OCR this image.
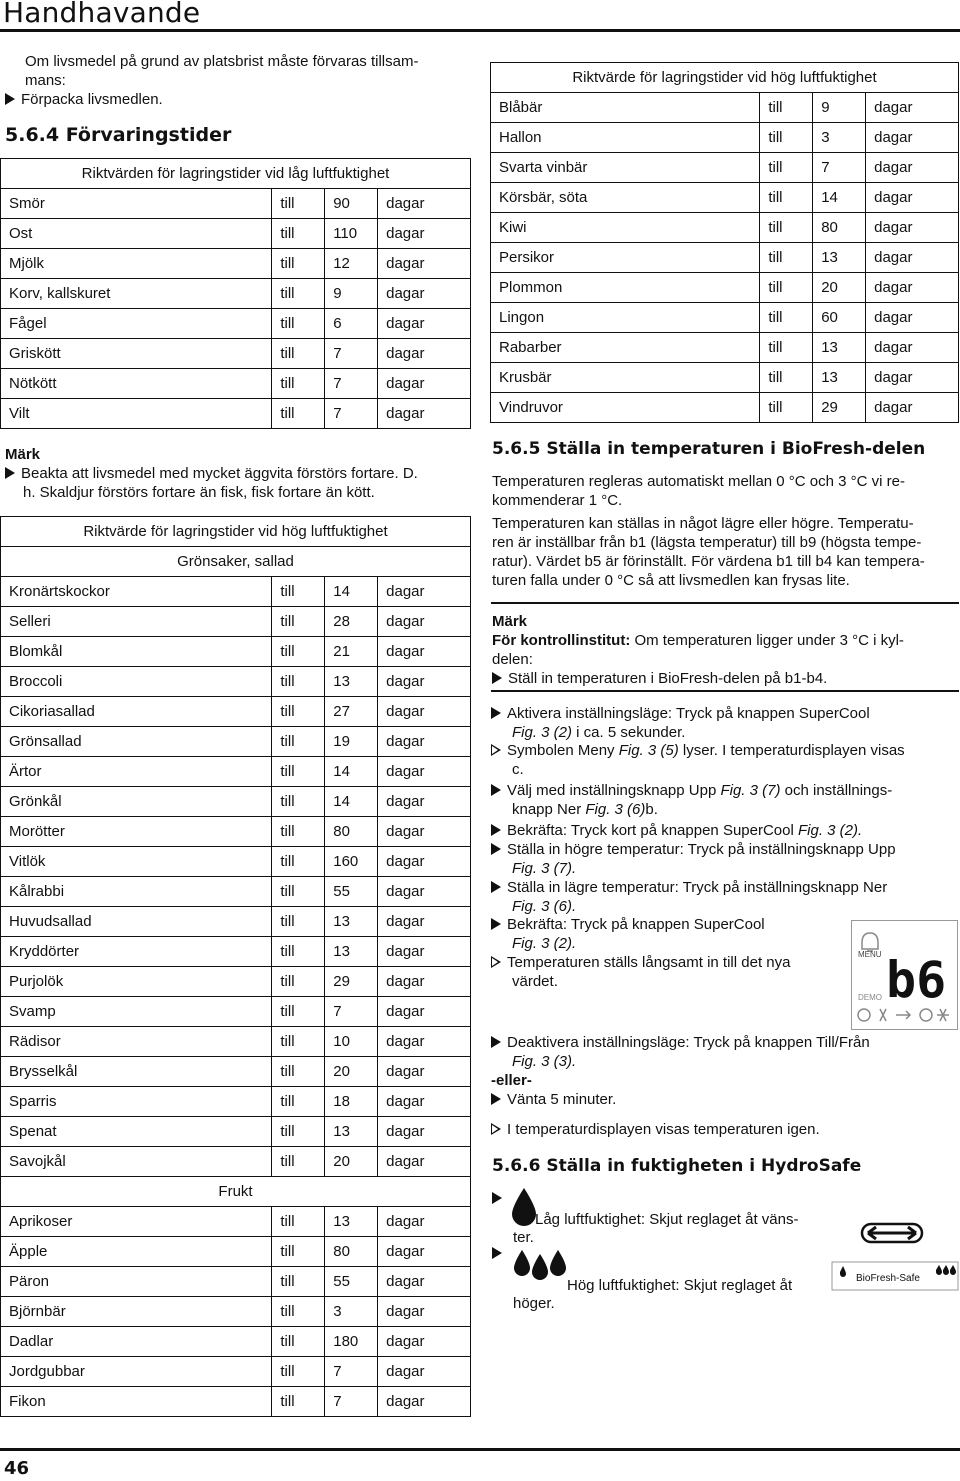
Handhavande
Om livsmedel på grund av platsbrist måste förvaras tillsam-
mans:
Förpacka livsmedlen.
5.6.4 Förvaringstider
Riktvärden för lagringstider vid låg luftfuktighet			
Smör	till	90	dagar
Ost	till	110	dagar
Mjölk	till	12	dagar
Korv, kallskuret	till	9	dagar
Fågel	till	6	dagar
Griskött	till	7	dagar
Nötkött	till	7	dagar
Vilt	till	7	dagar
Märk
Beakta att livsmedel med mycket äggvita förstörs fortare. D.
h. Skaldjur förstörs fortare än fisk, fisk fortare än kött.
Riktvärde för lagringstider vid hög luftfuktighet			
Grönsaker, sallad			
Kronärtskockor	till	14	dagar
Selleri	till	28	dagar
Blomkål	till	21	dagar
Broccoli	till	13	dagar
Cikoriasallad	till	27	dagar
Grönsallad	till	19	dagar
Ärtor	till	14	dagar
Grönkål	till	14	dagar
Morötter	till	80	dagar
Vitlök	till	160	dagar
Kålrabbi	till	55	dagar
Huvudsallad	till	13	dagar
Kryddörter	till	13	dagar
Purjolök	till	29	dagar
Svamp	till	7	dagar
Rädisor	till	10	dagar
Brysselkål	till	20	dagar
Sparris	till	18	dagar
Spenat	till	13	dagar
Savojkål	till	20	dagar
Frukt			
Aprikoser	till	13	dagar
Äpple	till	80	dagar
Päron	till	55	dagar
Björnbär	till	3	dagar
Dadlar	till	180	dagar
Jordgubbar	till	7	dagar
Fikon	till	7	dagar
Riktvärde för lagringstider vid hög luftfuktighet			
Blåbär	till	9	dagar
Hallon	till	3	dagar
Svarta vinbär	till	7	dagar
Körsbär, söta	till	14	dagar
Kiwi	till	80	dagar
Persikor	till	13	dagar
Plommon	till	20	dagar
Lingon	till	60	dagar
Rabarber	till	13	dagar
Krusbär	till	13	dagar
Vindruvor	till	29	dagar
5.6.5 Ställa in temperaturen i BioFresh-delen
Temperaturen regleras automatiskt mellan 0 °C och 3 °C vi re-
kommenderar 1 °C.
Temperaturen kan ställas in något lägre eller högre. Temperatu-
ren är inställbar från b1 (lägsta temperatur) till b9 (högsta tempe-
ratur). Värdet b5 är förinställt. För värdena b1 till b4 kan tempera-
turen falla under 0 °C så att livsmedlen kan frysas lite.
Märk
För kontrollinstitut: Om temperaturen ligger under 3 °C i kyl-
delen:
Ställ in temperaturen i BioFresh-delen på b1-b4.
Aktivera inställningsläge: Tryck på knappen SuperCool
Fig. 3 (2) i ca. 5 sekunder.
Symbolen Meny Fig. 3 (5) lyser. I temperaturdisplayen visas
c.
Välj med inställningsknapp Upp Fig. 3 (7) och inställnings-
knapp Ner Fig. 3 (6)b.
Bekräfta: Tryck kort på knappen SuperCool Fig. 3 (2).
Ställa in högre temperatur: Tryck på inställningsknapp Upp
Fig. 3 (7).
Ställa in lägre temperatur: Tryck på inställningsknapp Ner
Fig. 3 (6).
Bekräfta: Tryck på knappen SuperCool
Fig. 3 (2).
Temperaturen ställs långsamt in till det nya
värdet.
MENU
DEMO b6
Deaktivera inställningsläge: Tryck på knappen Till/Från
Fig. 3 (3).
-eller-
Vänta 5 minuter.
I temperaturdisplayen visas temperaturen igen.
5.6.6 Ställa in fuktigheten i HydroSafe
Låg luftfuktighet: Skjut reglaget åt väns-
ter.
BioFresh-Safe
Hög luftfuktighet: Skjut reglaget åt
höger.
46
